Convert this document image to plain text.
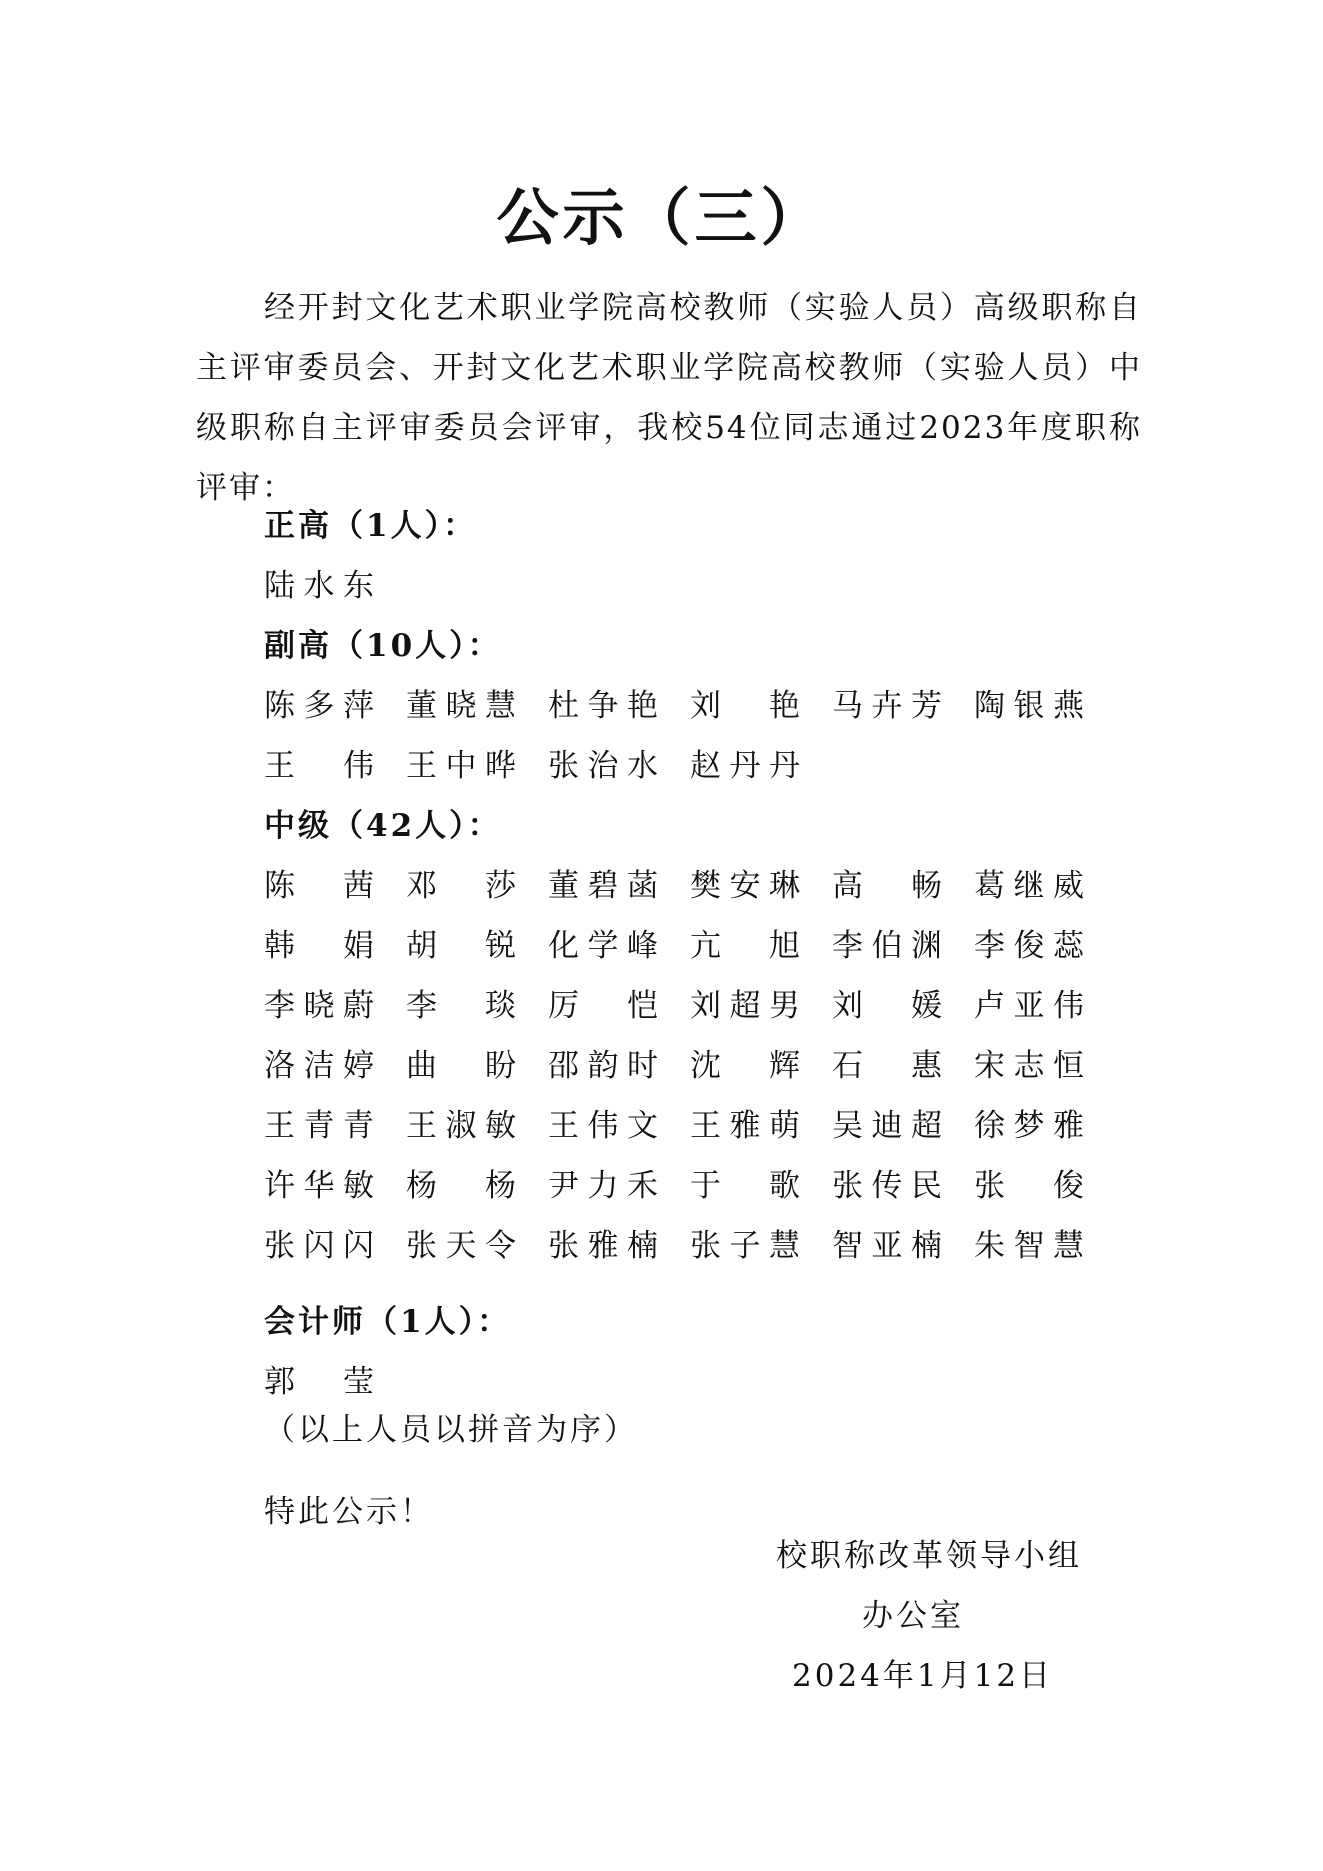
公示（三）

经开封文化艺术职业学院高校教师（实验人员）高级职称自主评审委员会、开封文化艺术职业学院高校教师（实验人员）中级职称自主评审委员会评审，我校54位同志通过2023年度职称评审：

正高（1人）：
陆 水 东
副高（10人）：
陈 多 萍 董 晓 慧 杜 争 艳 刘 艳 马 卉 芳 陶 银 燕
王 伟 王 中 晔 张 治 水 赵 丹 丹
中级（42人）：
陈 茜 邓 莎 董 碧 菡 樊 安 琳 高 畅 葛 继 威
韩 娟 胡 锐 化 学 峰 亢 旭 李 伯 渊 李 俊 蕊
李 晓 蔚 李 琰 厉 恺 刘 超 男 刘 媛 卢 亚 伟
洛 洁 婷 曲 盼 邵 韵 时 沈 辉 石 惠 宋 志 恒
王 青 青 王 淑 敏 王 伟 文 王 雅 萌 吴 迪 超 徐 梦 雅
许 华 敏 杨 杨 尹 力 禾 于 歌 张 传 民 张 俊
张 闪 闪 张 天 令 张 雅 楠 张 子 慧 智 亚 楠 朱 智 慧
会计师（1人）：
郭 莹
（以上人员以拼音为序）
特此公示！
校职称改革领导小组
办公室
2024年1月12日
